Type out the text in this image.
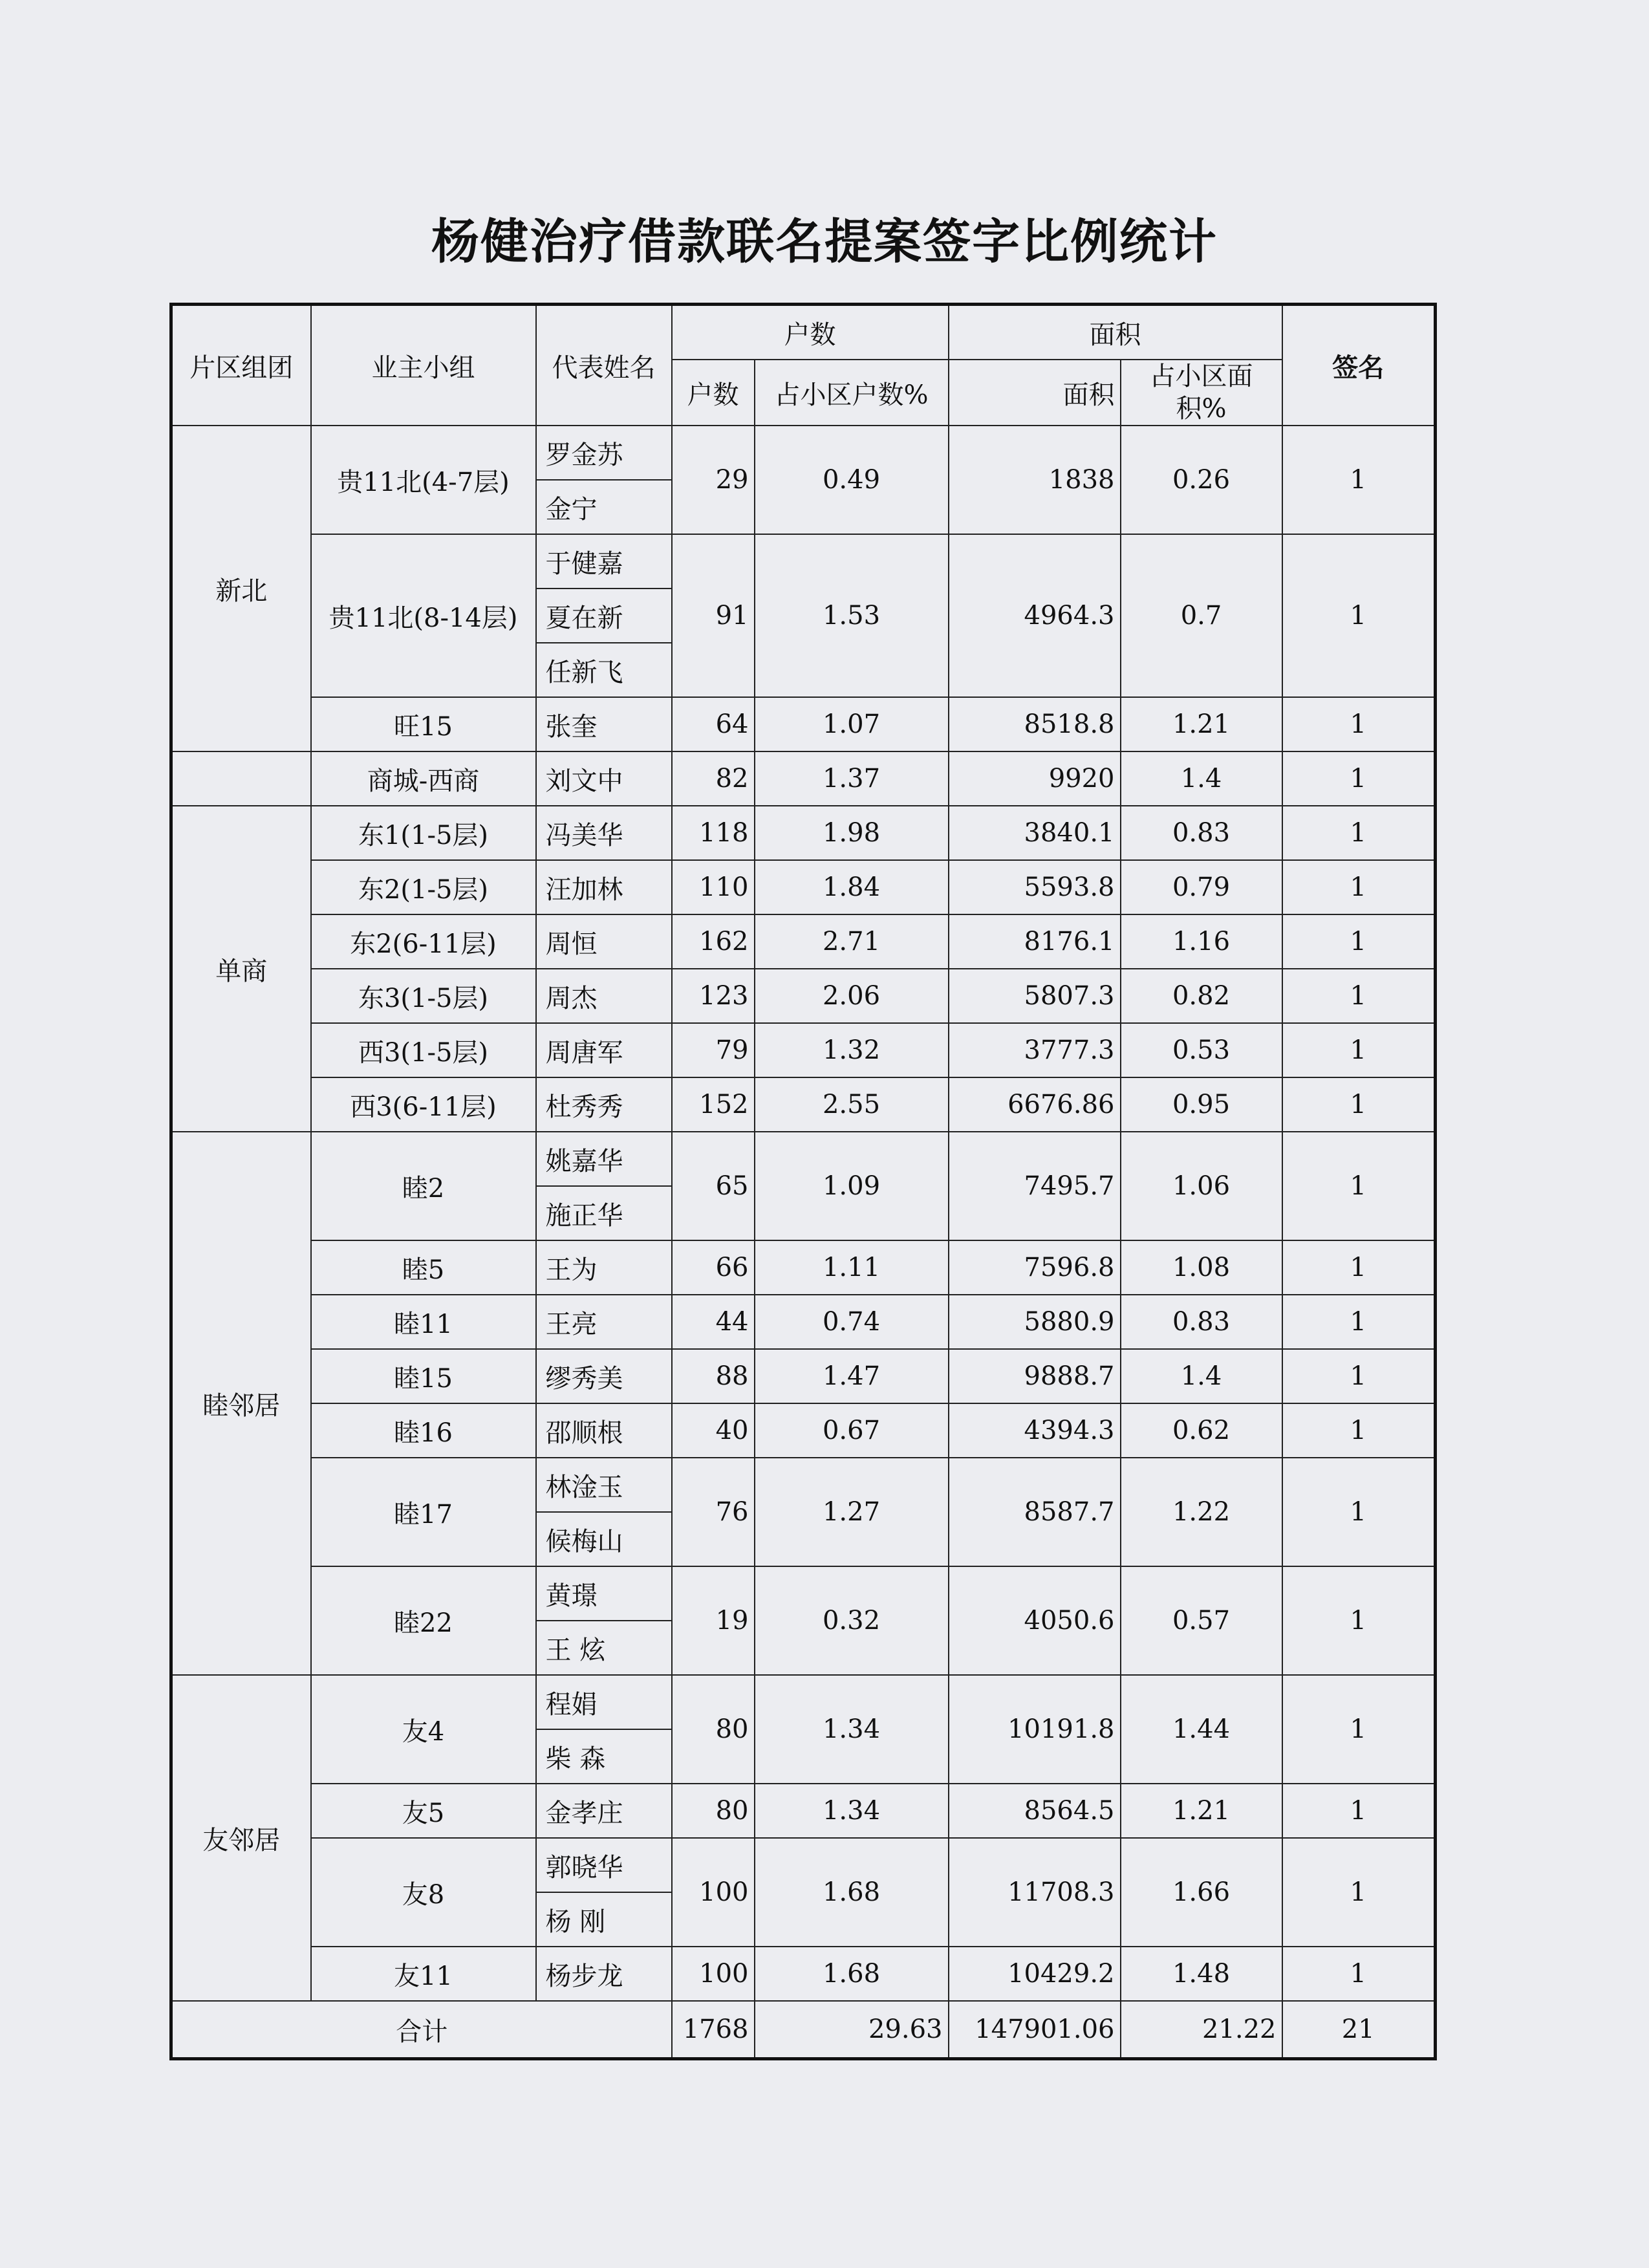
杨健治疗借款联名提案签字比例统计
片区组团	业主小组	代表姓名	户数		面积		签名
			户数	占小区户数%	面积	占小区面积%	
新北	贵11北(4-7层)	罗金苏	29	0.49	1838	0.26	1
		金宁					
	贵11北(8-14层)	于健嘉	91	1.53	4964.3	0.7	1
		夏在新					
		任新飞					
	旺15	张奎	64	1.07	8518.8	1.21	1
	商城-西商	刘文中	82	1.37	9920	1.4	1
单商	东1(1-5层)	冯美华	118	1.98	3840.1	0.83	1
	东2(1-5层)	汪加林	110	1.84	5593.8	0.79	1
	东2(6-11层)	周恒	162	2.71	8176.1	1.16	1
	东3(1-5层)	周杰	123	2.06	5807.3	0.82	1
	西3(1-5层)	周唐军	79	1.32	3777.3	0.53	1
	西3(6-11层)	杜秀秀	152	2.55	6676.86	0.95	1
睦邻居	睦2	姚嘉华	65	1.09	7495.7	1.06	1
		施正华					
	睦5	王为	66	1.11	7596.8	1.08	1
	睦11	王亮	44	0.74	5880.9	0.83	1
	睦15	缪秀美	88	1.47	9888.7	1.4	1
	睦16	邵顺根	40	0.67	4394.3	0.62	1
	睦17	林淦玉	76	1.27	8587.7	1.22	1
		候梅山					
	睦22	黄璟	19	0.32	4050.6	0.57	1
		王 炫					
友邻居	友4	程娟	80	1.34	10191.8	1.44	1
		柴 森					
	友5	金孝庄	80	1.34	8564.5	1.21	1
	友8	郭晓华	100	1.68	11708.3	1.66	1
		杨 刚					
	友11	杨步龙	100	1.68	10429.2	1.48	1
合计			1768	29.63	147901.06	21.22	21
